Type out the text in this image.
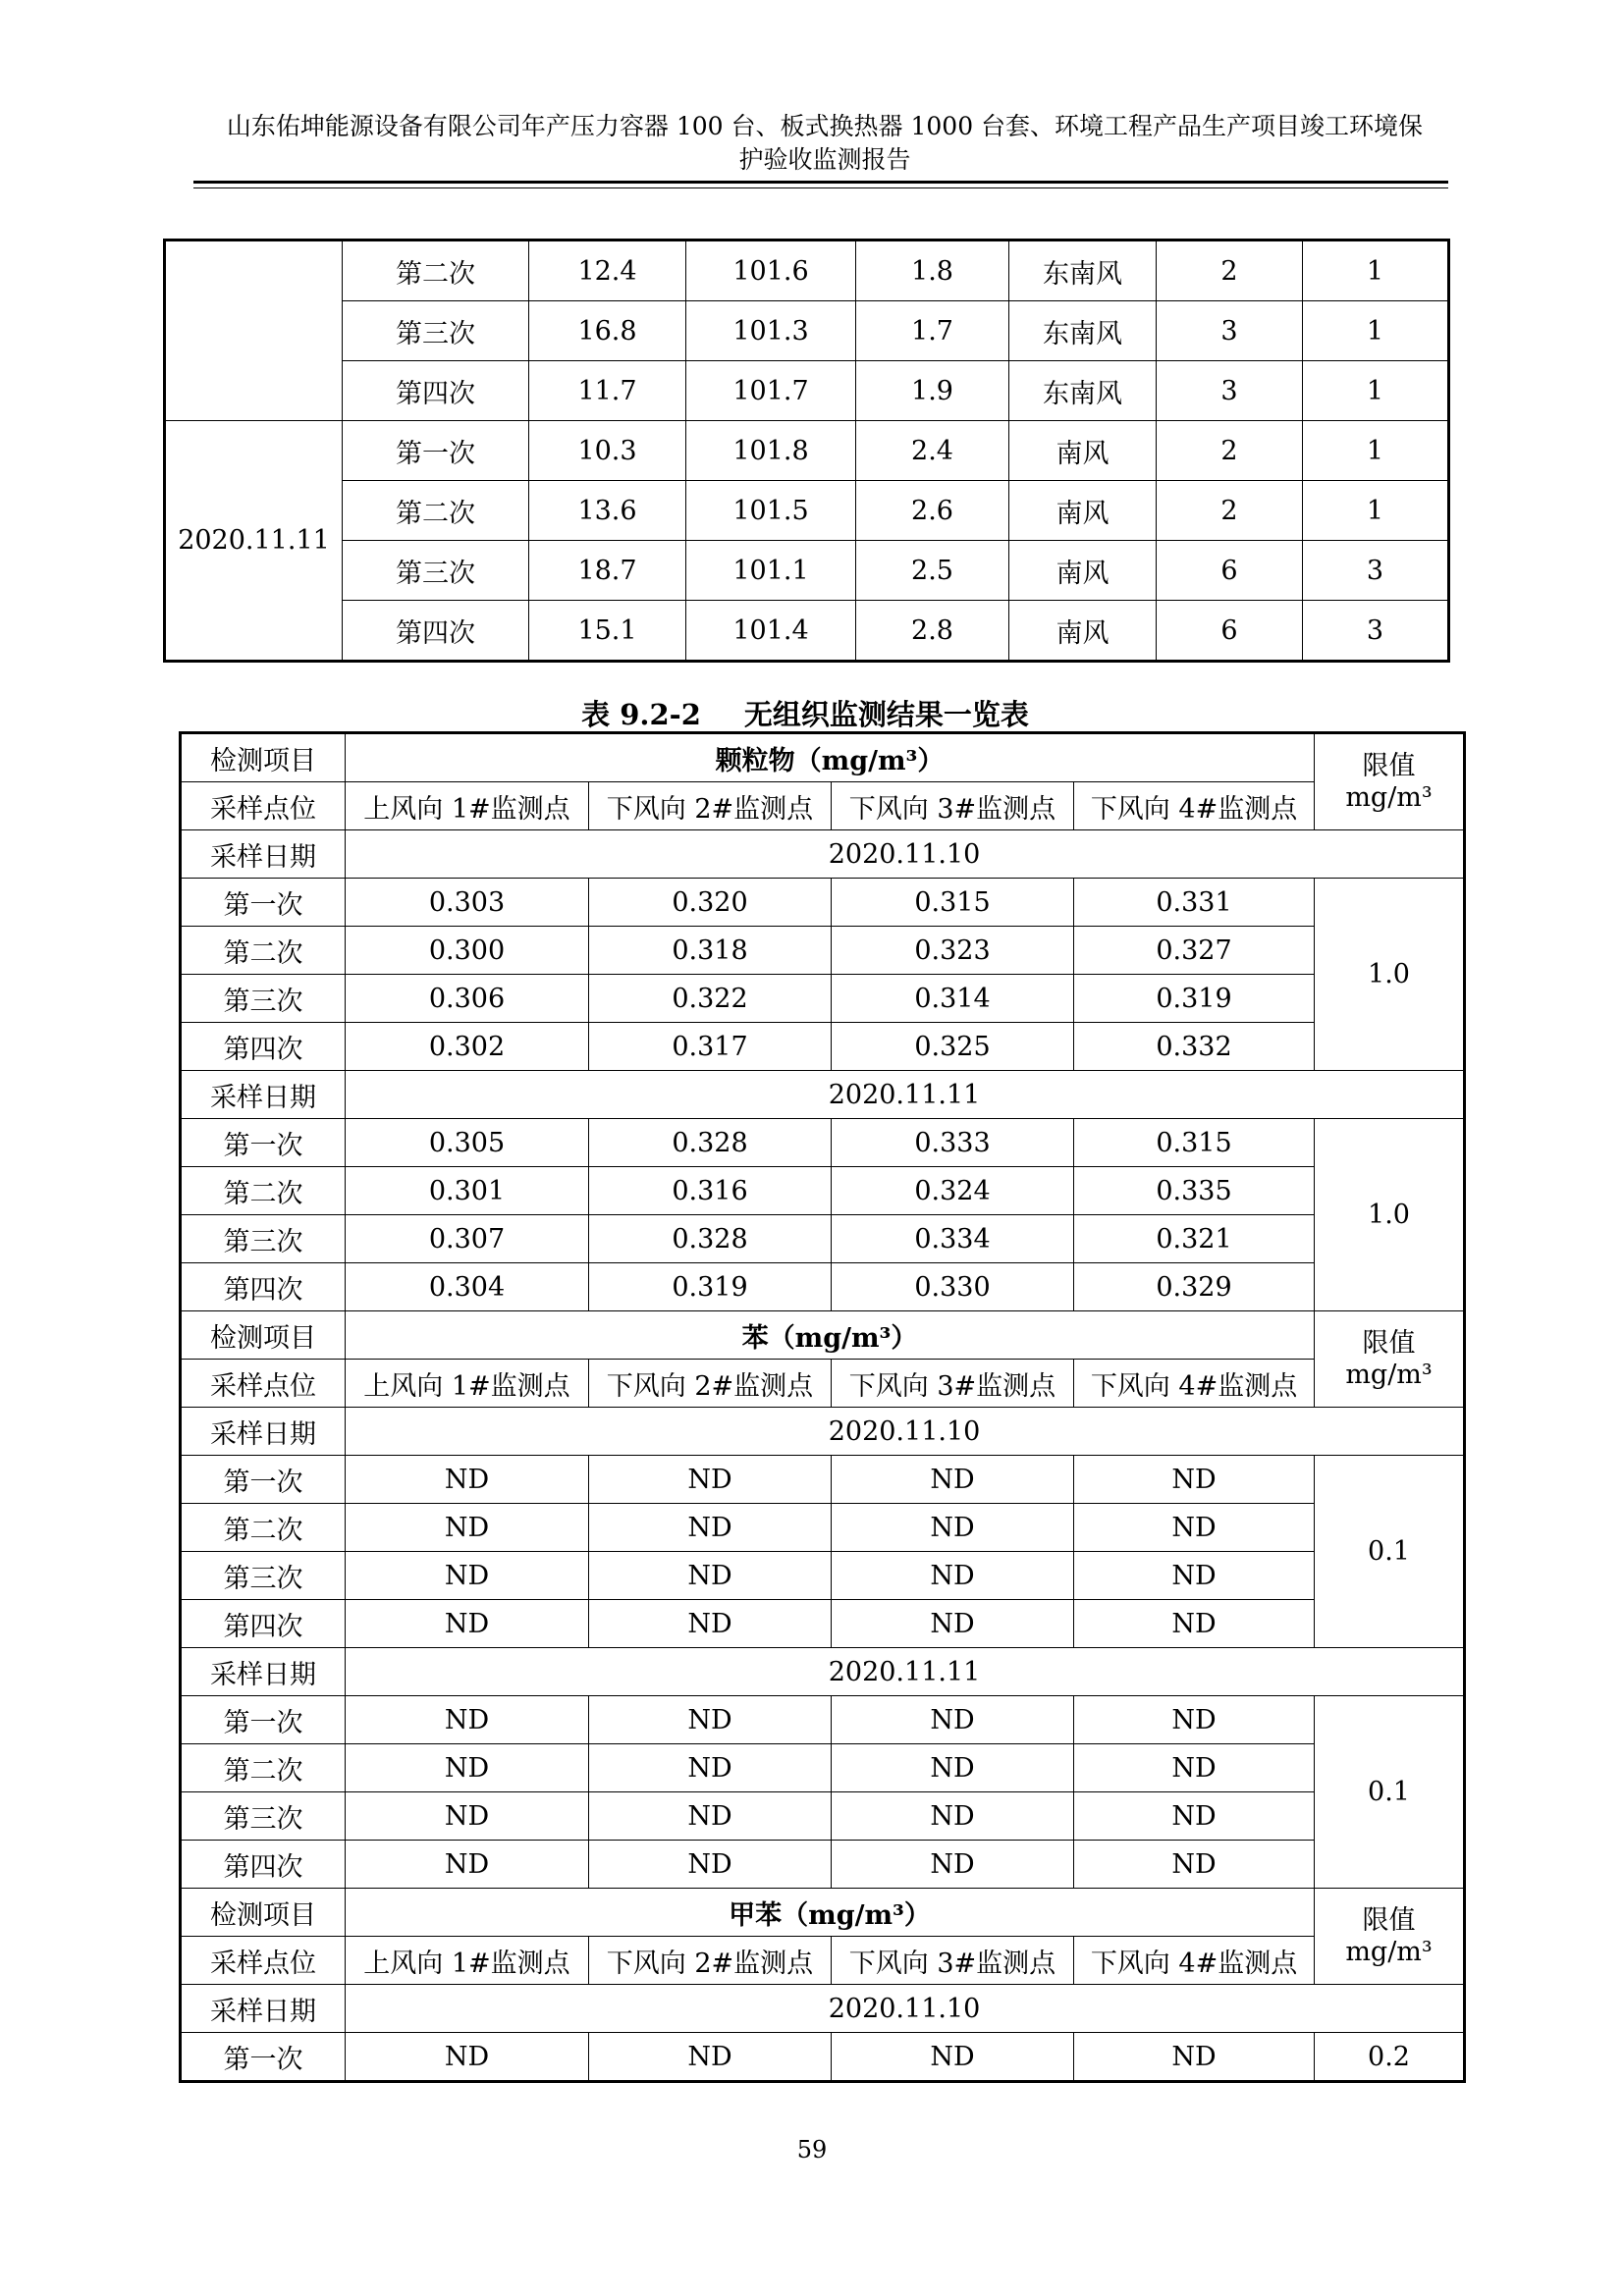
山东佑坤能源设备有限公司年产压力容器 100 台、板式换热器 1000 台套、环境工程产品生产项目竣工环境保
护验收监测报告
	第二次	12.4	101.6	1.8	东南风	2	1
	第三次	16.8	101.3	1.7	东南风	3	1
	第四次	11.7	101.7	1.9	东南风	3	1
2020.11.11	第一次	10.3	101.8	2.4	南风	2	1
	第二次	13.6	101.5	2.6	南风	2	1
	第三次	18.7	101.1	2.5	南风	6	3
	第四次	15.1	101.4	2.8	南风	6	3
表 9.2-2 无组织监测结果一览表
检测项目	颗粒物（mg/m³）				限值
mg/m³

采样点位	上风向 1#监测点	下风向 2#监测点	下风向 3#监测点	下风向 4#监测点	
采样日期	2020.11.10				
第一次	0.303	0.320	0.315	0.331	1.0
第二次	0.300	0.318	0.323	0.327	
第三次	0.306	0.322	0.314	0.319	
第四次	0.302	0.317	0.325	0.332	
采样日期	2020.11.11				
第一次	0.305	0.328	0.333	0.315	1.0
第二次	0.301	0.316	0.324	0.335	
第三次	0.307	0.328	0.334	0.321	
第四次	0.304	0.319	0.330	0.329	
检测项目	苯（mg/m³）				限值
mg/m³

采样点位	上风向 1#监测点	下风向 2#监测点	下风向 3#监测点	下风向 4#监测点	
采样日期	2020.11.10				
第一次	ND	ND	ND	ND	0.1
第二次	ND	ND	ND	ND	
第三次	ND	ND	ND	ND	
第四次	ND	ND	ND	ND	
采样日期	2020.11.11				
第一次	ND	ND	ND	ND	0.1
第二次	ND	ND	ND	ND	
第三次	ND	ND	ND	ND	
第四次	ND	ND	ND	ND	
检测项目	甲苯（mg/m³）				限值
mg/m³

采样点位	上风向 1#监测点	下风向 2#监测点	下风向 3#监测点	下风向 4#监测点	
采样日期	2020.11.10				
第一次	ND	ND	ND	ND	0.2
59
